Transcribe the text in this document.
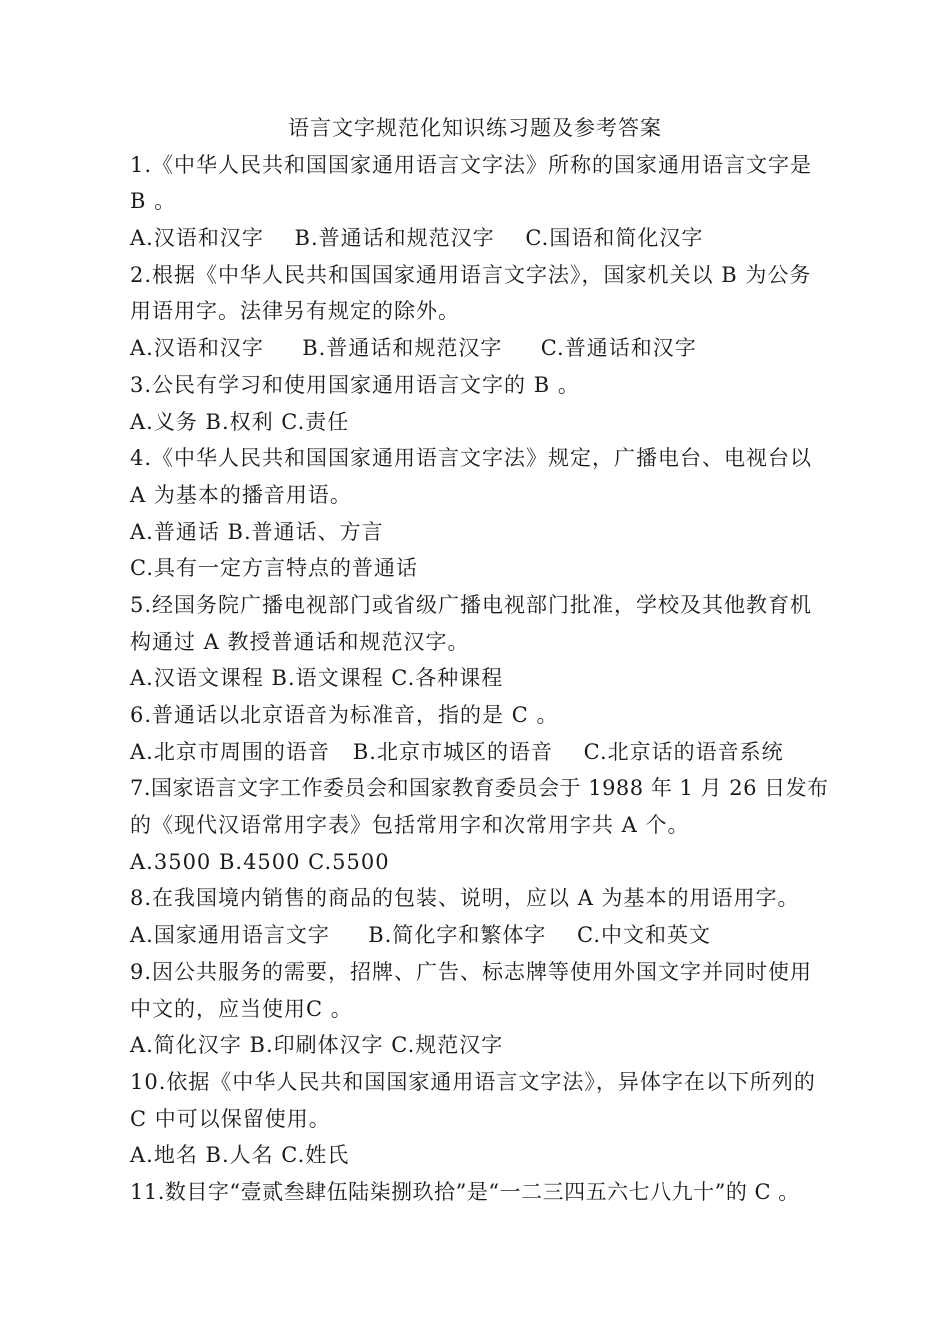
语言文字规范化知识练习题及参考答案
1.《中华人民共和国国家通用语言文字法》所称的国家通用语言文字是
B 。
A.汉语和汉字    B.普通话和规范汉字    C.国语和简化汉字
2.根据《中华人民共和国国家通用语言文字法》，国家机关以 B 为公务
用语用字。法律另有规定的除外。
A.汉语和汉字     B.普通话和规范汉字     C.普通话和汉字
3.公民有学习和使用国家通用语言文字的 B 。
A.义务 B.权利 C.责任
4.《中华人民共和国国家通用语言文字法》规定，广播电台、电视台以
A 为基本的播音用语。
A.普通话 B.普通话、方言
C.具有一定方言特点的普通话
5.经国务院广播电视部门或省级广播电视部门批准，学校及其他教育机
构通过 A 教授普通话和规范汉字。
A.汉语文课程 B.语文课程 C.各种课程
6.普通话以北京语音为标准音，指的是 C 。
A.北京市周围的语音   B.北京市城区的语音    C.北京话的语音系统
7.国家语言文字工作委员会和国家教育委员会于 1988 年 1 月 26 日发布
的《现代汉语常用字表》包括常用字和次常用字共 A 个。
A.3500 B.4500 C.5500
8.在我国境内销售的商品的包装、说明，应以 A 为基本的用语用字。
A.国家通用语言文字     B.简化字和繁体字    C.中文和英文
9.因公共服务的需要，招牌、广告、标志牌等使用外国文字并同时使用
中文的，应当使用C 。
A.简化汉字 B.印刷体汉字 C.规范汉字
10.依据《中华人民共和国国家通用语言文字法》，异体字在以下所列的
C 中可以保留使用。
A.地名 B.人名 C.姓氏
11.数目字“壹贰叁肆伍陆柒捌玖拾”是“一二三四五六七八九十”的 C 。
